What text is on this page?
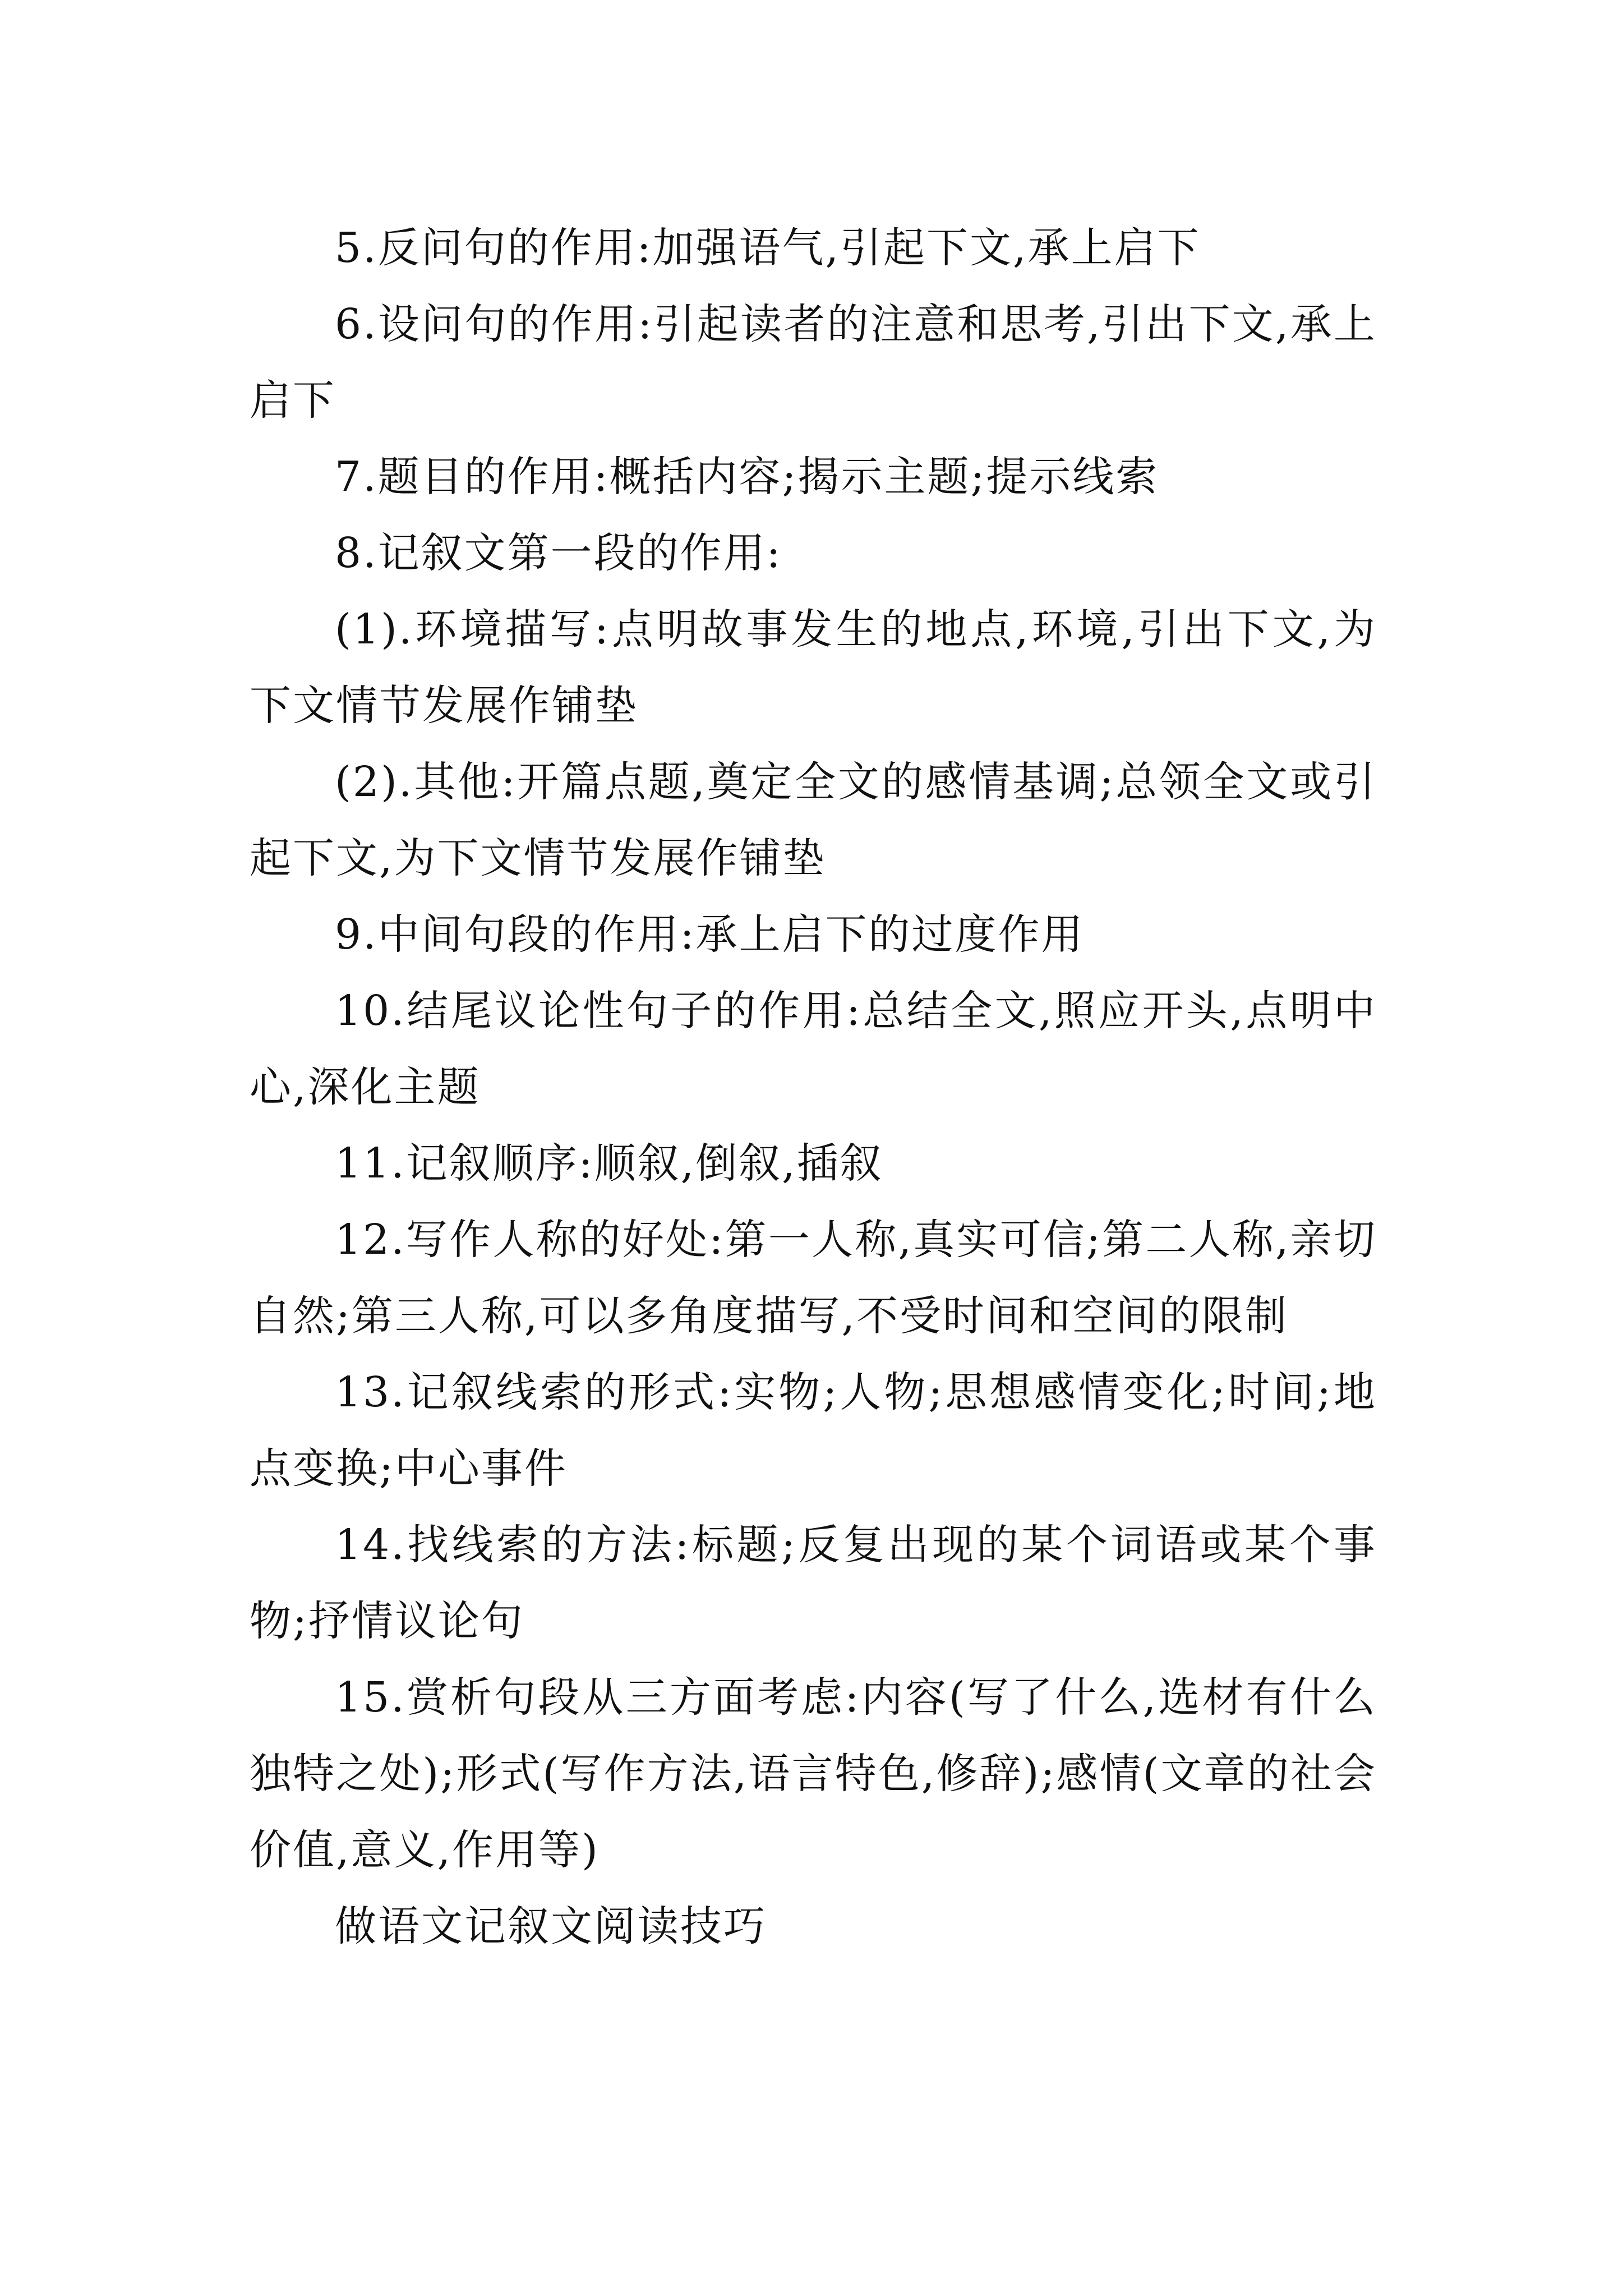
5.反问句的作用:加强语气,引起下文,承上启下

6.设问句的作用:引起读者的注意和思考,引出下文,承上启下

7.题目的作用:概括内容;揭示主题;提示线索

8.记叙文第一段的作用:

(1).环境描写:点明故事发生的地点,环境,引出下文,为下文情节发展作铺垫

(2).其他:开篇点题,奠定全文的感情基调;总领全文或引起下文,为下文情节发展作铺垫

9.中间句段的作用:承上启下的过度作用

10.结尾议论性句子的作用:总结全文,照应开头,点明中心,深化主题

11.记叙顺序:顺叙,倒叙,插叙

12.写作人称的好处:第一人称,真实可信;第二人称,亲切自然;第三人称,可以多角度描写,不受时间和空间的限制

13.记叙线索的形式:实物;人物;思想感情变化;时间;地点变换;中心事件

14.找线索的方法:标题;反复出现的某个词语或某个事物;抒情议论句

15.赏析句段从三方面考虑:内容(写了什么,选材有什么独特之处);形式(写作方法,语言特色,修辞);感情(文章的社会价值,意义,作用等)

做语文记叙文阅读技巧
